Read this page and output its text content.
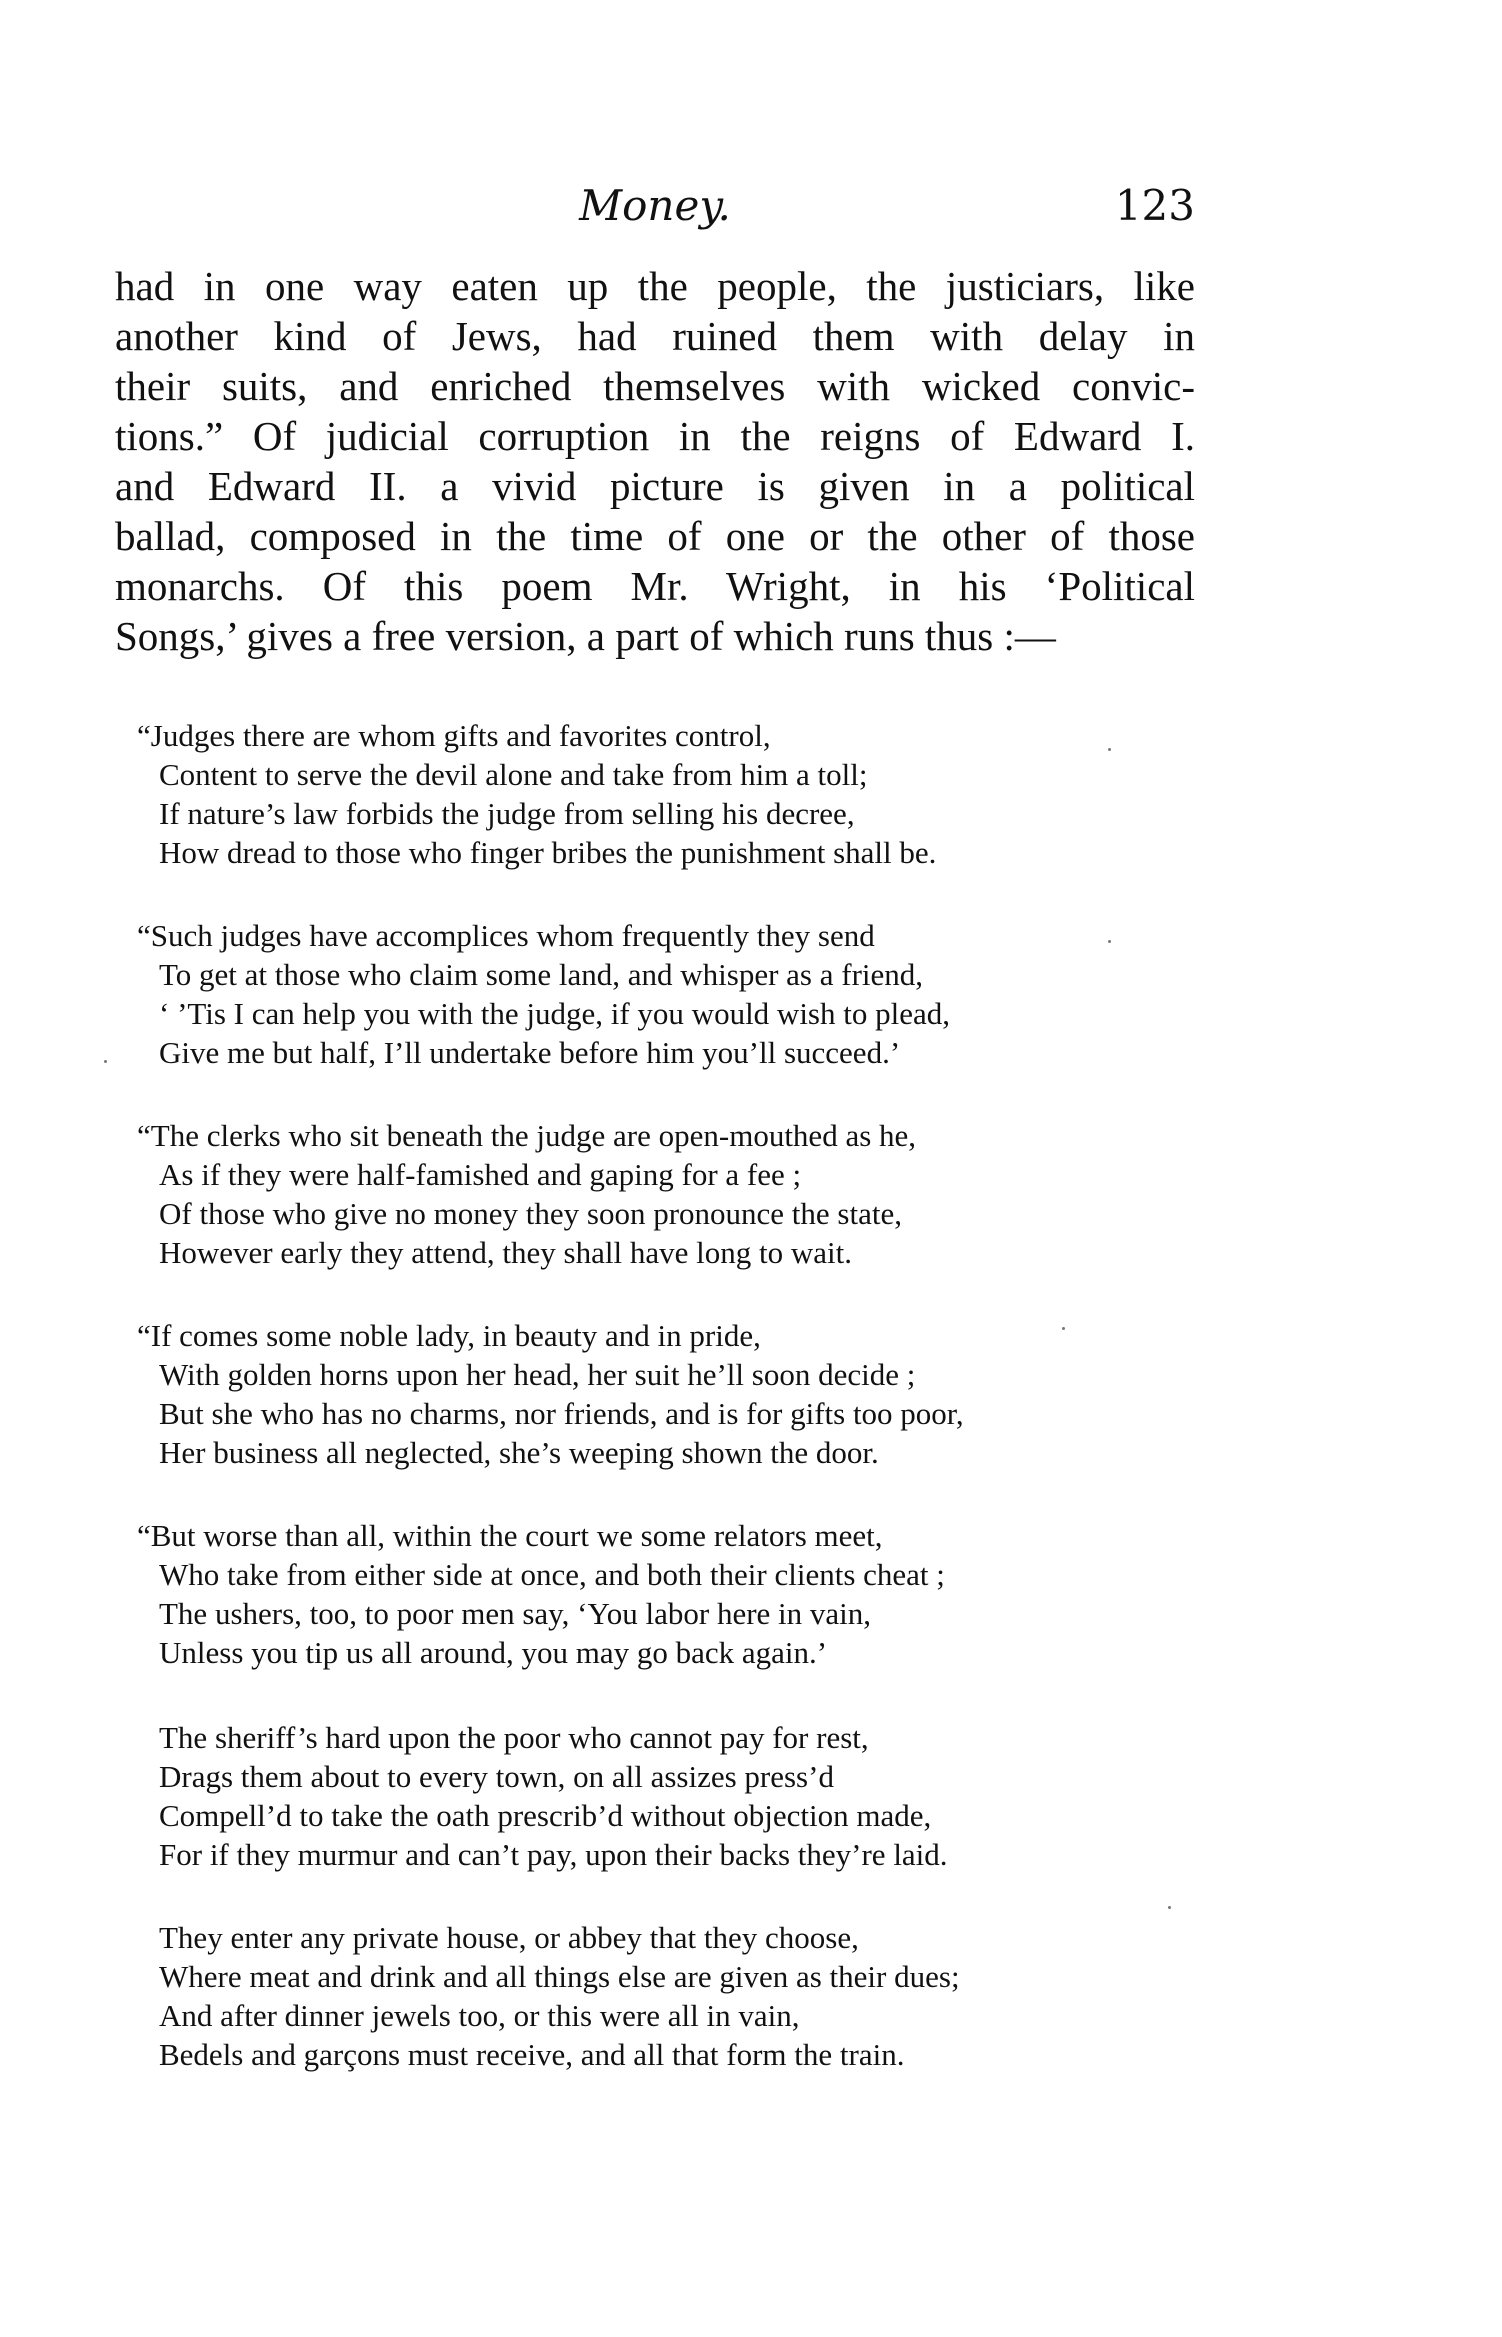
Money.	123
had in one way eaten up the people, the justiciars, like
another kind of Jews, had ruined them with delay in
their suits, and enriched themselves with wicked convic-
tions.” Of judicial corruption in the reigns of Edward I.
and Edward II. a vivid picture is given in a political
ballad, composed in the time of one or the other of those
monarchs. Of this poem Mr. Wright, in his ‘Political
Songs,’ gives a free version, a part of which runs thus :—
“Judges there are whom gifts and favorites control,
Content to serve the devil alone and take from him a toll;
If nature’s law forbids the judge from selling his decree,
How dread to those who finger bribes the punishment shall be.
“Such judges have accomplices whom frequently they send
To get at those who claim some land, and whisper as a friend,
‘ ’Tis I can help you with the judge, if you would wish to plead,
Give me but half, I’ll undertake before him you’ll succeed.’
“The clerks who sit beneath the judge are open-mouthed as he,
As if they were half-famished and gaping for a fee ;
Of those who give no money they soon pronounce the state,
However early they attend, they shall have long to wait.
“If comes some noble lady, in beauty and in pride,
With golden horns upon her head, her suit he’ll soon decide ;
But she who has no charms, nor friends, and is for gifts too poor,
Her business all neglected, she’s weeping shown the door.
“But worse than all, within the court we some relators meet,
Who take from either side at once, and both their clients cheat ;
The ushers, too, to poor men say, ‘You labor here in vain,
Unless you tip us all around, you may go back again.’
The sheriff’s hard upon the poor who cannot pay for rest,
Drags them about to every town, on all assizes press’d
Compell’d to take the oath prescrib’d without objection made,
For if they murmur and can’t pay, upon their backs they’re laid.
They enter any private house, or abbey that they choose,
Where meat and drink and all things else are given as their dues;
And after dinner jewels too, or this were all in vain,
Bedels and garçons must receive, and all that form the train.
